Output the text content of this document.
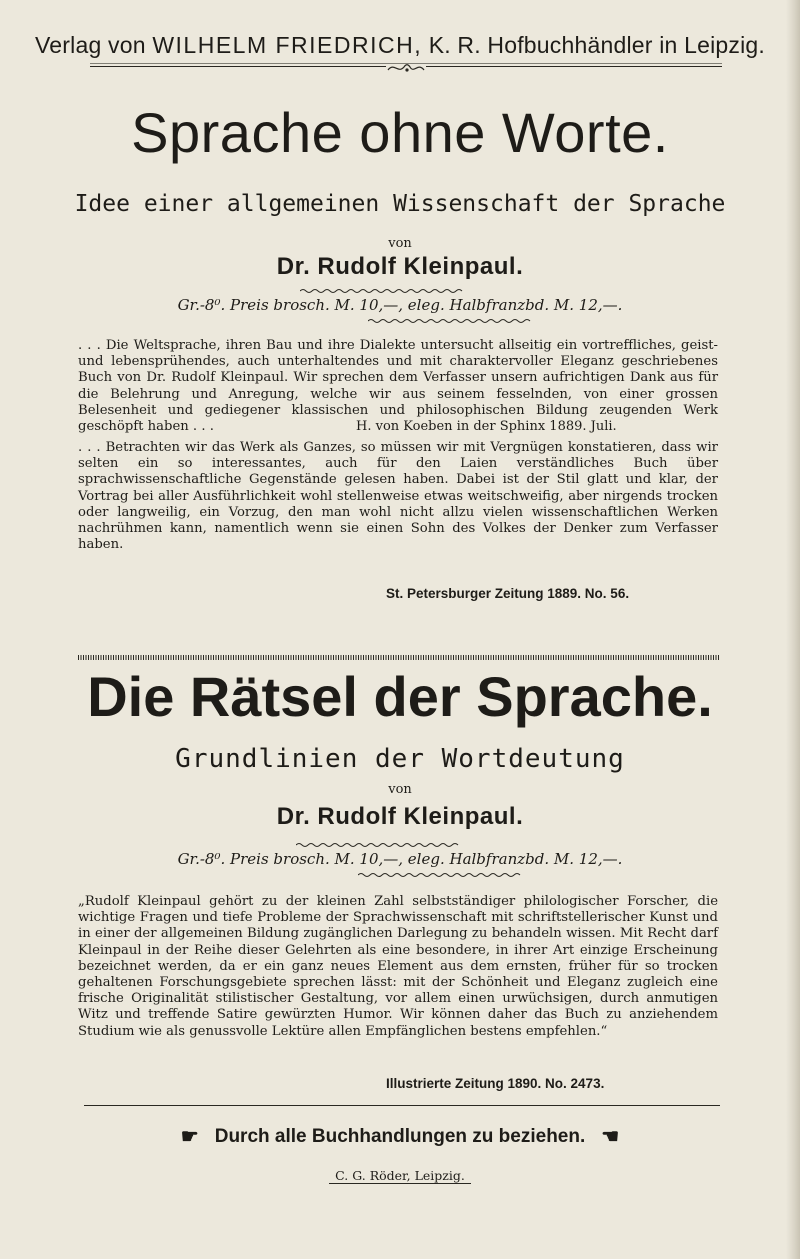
Verlag von WILHELM FRIEDRICH, K. R. Hofbuchhändler in Leipzig.
Sprache ohne Worte.
Idee einer allgemeinen Wissenschaft der Sprache
von
Dr. Rudolf Kleinpaul.
Gr.-8⁰. Preis brosch. M. 10,—, eleg. Halbfranzbd. M. 12,—.
. . . Die Weltsprache, ihren Bau und ihre Dialekte untersucht allseitig ein vortreffliches, geist- und lebensprühendes, auch unterhaltendes und mit charaktervoller Eleganz geschriebenes Buch von Dr. Rudolf Kleinpaul. Wir sprechen dem Verfasser unsern aufrichtigen Dank aus für die Belehrung und Anregung, welche wir aus seinem fesselnden, von einer grossen Belesenheit und gediegener klassischen und philosophischen Bildung zeugenden Werk geschöpft haben . . .	H. von Koeben in der Sphinx 1889. Juli.
. . . Betrachten wir das Werk als Ganzes, so müssen wir mit Vergnügen konstatieren, dass wir selten ein so interessantes, auch für den Laien verständliches Buch über sprachwissenschaftliche Gegenstände gelesen haben. Dabei ist der Stil glatt und klar, der Vortrag bei aller Ausführlichkeit wohl stellenweise etwas weitschweifig, aber nirgends trocken oder langweilig, ein Vorzug, den man wohl nicht allzu vielen wissenschaftlichen Werken nachrühmen kann, namentlich wenn sie einen Sohn des Volkes der Denker zum Verfasser haben.
St. Petersburger Zeitung 1889. No. 56.
Die Rätsel der Sprache.
Grundlinien der Wortdeutung
von
Dr. Rudolf Kleinpaul.
Gr.-8⁰. Preis brosch. M. 10,—, eleg. Halbfranzbd. M. 12,—.
„Rudolf Kleinpaul gehört zu der kleinen Zahl selbstständiger philologischer Forscher, die wichtige Fragen und tiefe Probleme der Sprachwissenschaft mit schriftstellerischer Kunst und in einer der allgemeinen Bildung zugänglichen Darlegung zu behandeln wissen. Mit Recht darf Kleinpaul in der Reihe dieser Gelehrten als eine besondere, in ihrer Art einzige Erscheinung bezeichnet werden, da er ein ganz neues Element aus dem ernsten, früher für so trocken gehaltenen Forschungsgebiete sprechen lässt: mit der Schönheit und Eleganz zugleich eine frische Originalität stilistischer Gestaltung, vor allem einen urwüchsigen, durch anmutigen Witz und treffende Satire gewürzten Humor. Wir können daher das Buch zu anziehendem Studium wie als genussvolle Lektüre allen Empfänglichen bestens empfehlen.“
Illustrierte Zeitung 1890. No. 2473.
☛ Durch alle Buchhandlungen zu beziehen. ☚
C. G. Röder, Leipzig.
